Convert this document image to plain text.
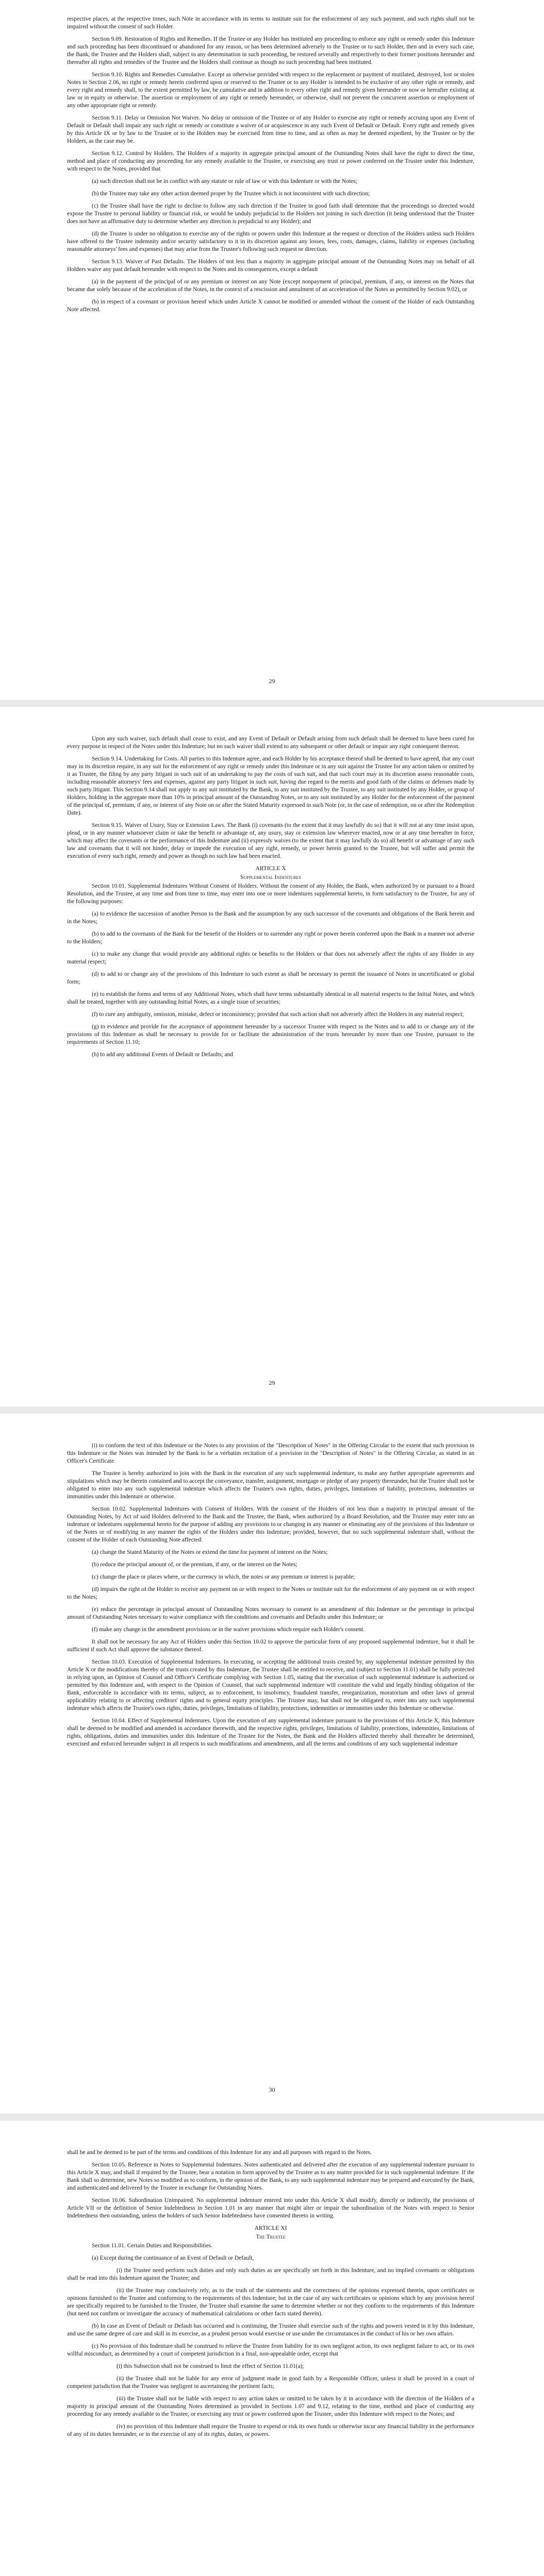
respective places, at the respective times, such Note in accordance with its terms to institute suit for the enforcement of any such payment, and such rights shall not be impaired without the consent of such Holder.

Section 9.09. Restoration of Rights and Remedies. If the Trustee or any Holder has instituted any proceeding to enforce any right or remedy under this Indenture and such proceeding has been discontinued or abandoned for any reason, or has been determined adversely to the Trustee or to such Holder, then and in every such case, the Bank, the Trustee and the Holders shall, subject to any determination in such proceeding, be restored severally and respectively to their former positions hereunder and thereafter all rights and remedies of the Trustee and the Holders shall continue as though no such proceeding had been instituted.

Section 9.10. Rights and Remedies Cumulative. Except as otherwise provided with respect to the replacement or payment of mutilated, destroyed, lost or stolen Notes in Section 2.06, no right or remedy herein conferred upon or reserved to the Trustee or to any Holder is intended to be exclusive of any other right or remedy, and every right and remedy shall, to the extent permitted by law, be cumulative and in addition to every other right and remedy given hereunder or now or hereafter existing at law or in equity or otherwise. The assertion or employment of any right or remedy hereunder, or otherwise, shall not prevent the concurrent assertion or employment of any other appropriate right or remedy.

Section 9.11. Delay or Omission Not Waiver. No delay or omission of the Trustee or of any Holder to exercise any right or remedy accruing upon any Event of Default or Default shall impair any such right or remedy or constitute a waiver of or acquiescence in any such Event of Default or Default. Every right and remedy given by this Article IX or by law to the Trustee or to the Holders may be exercised from time to time, and as often as may be deemed expedient, by the Trustee or by the Holders, as the case may be.

Section 9.12. Control by Holders. The Holders of a majority in aggregate principal amount of the Outstanding Notes shall have the right to direct the time, method and place of conducting any proceeding for any remedy available to the Trustee, or exercising any trust or power conferred on the Trustee under this Indenture, with respect to the Notes, provided that

(a) such direction shall not be in conflict with any statute or rule of law or with this Indenture or with the Notes;

(b) the Trustee may take any other action deemed proper by the Trustee which is not inconsistent with such direction;

(c) the Trustee shall have the right to decline to follow any such direction if the Trustee in good faith shall determine that the proceedings so directed would expose the Trustee to personal liability or financial risk, or would be unduly prejudicial to the Holders not joining in such direction (it being understood that the Trustee does not have an affirmative duty to determine whether any direction is prejudicial to any Holder); and

(d) the Trustee is under no obligation to exercise any of the rights or powers under this Indenture at the request or direction of the Holders unless such Holders have offered to the Trustee indemnity and/or security satisfactory to it in its discretion against any losses, fees, costs, damages, claims, liability or expenses (including reasonable attorneys' fees and expenses) that may arise from the Trustee's following such request or direction.

Section 9.13. Waiver of Past Defaults. The Holders of not less than a majority in aggregate principal amount of the Outstanding Notes may on behalf of all Holders waive any past default hereunder with respect to the Notes and its consequences, except a default

(a) in the payment of the principal of or any premium or interest on any Note (except nonpayment of principal, premium, if any, or interest on the Notes that became due solely because of the acceleration of the Notes, in the context of a rescission and annulment of an acceleration of the Notes as permitted by Section 9.02), or

(b) in respect of a covenant or provision hereof which under Article X cannot be modified or amended without the consent of the Holder of each Outstanding Note affected.

29

Upon any such waiver, such default shall cease to exist, and any Event of Default or Default arising from such default shall be deemed to have been cured for every purpose in respect of the Notes under this Indenture; but no such waiver shall extend to any subsequent or other default or impair any right consequent thereon.

Section 9.14. Undertaking for Costs. All parties to this Indenture agree, and each Holder by his acceptance thereof shall be deemed to have agreed, that any court may in its discretion require, in any suit for the enforcement of any right or remedy under this Indenture or in any suit against the Trustee for any action taken or omitted by it as Trustee, the filing by any party litigant in such suit of an undertaking to pay the costs of such suit, and that such court may in its discretion assess reasonable costs, including reasonable attorneys' fees and expenses, against any party litigant in such suit, having due regard to the merits and good faith of the claims or defenses made by such party litigant. This Section 9.14 shall not apply to any suit instituted by the Bank, to any suit instituted by the Trustee, to any suit instituted by any Holder, or group of Holders, holding in the aggregate more than 10% in principal amount of the Outstanding Notes, or to any suit instituted by any Holder for the enforcement of the payment of the principal of, premium, if any, or interest of any Note on or after the Stated Maturity expressed in such Note (or, in the case of redemption, on or after the Redemption Date).

Section 9.15. Waiver of Usury, Stay or Extension Laws. The Bank (i) covenants (to the extent that it may lawfully do so) that it will not at any time insist upon, plead, or in any manner whatsoever claim or take the benefit or advantage of, any usury, stay or extension law wherever enacted, now or at any time hereafter in force, which may affect the covenants or the performance of this Indenture and (ii) expressly waives (to the extent that it may lawfully do so) all benefit or advantage of any such law and covenants that it will not hinder, delay or impede the execution of any right, remedy, or power herein granted to the Trustee, but will suffer and permit the execution of every such right, remedy and power as though no such law had been enacted.

ARTICLE X

Supplemental Indentures

Section 10.01. Supplemental Indentures Without Consent of Holders. Without the consent of any Holder, the Bank, when authorized by or pursuant to a Board Resolution, and the Trustee, at any time and from time to time, may enter into one or more indentures supplemental hereto, in form satisfactory to the Trustee, for any of the following purposes:

(a) to evidence the succession of another Person to the Bank and the assumption by any such successor of the covenants and obligations of the Bank herein and in the Notes;

(b) to add to the covenants of the Bank for the benefit of the Holders or to surrender any right or power herein conferred upon the Bank in a manner not adverse to the Holders;

(c) to make any change that would provide any additional rights or benefits to the Holders or that does not adversely affect the rights of any Holder in any material respect;

(d) to add to or change any of the provisions of this Indenture to such extent as shall be necessary to permit the issuance of Notes in uncertificated or global form;

(e) to establish the forms and terms of any Additional Notes, which shall have terms substantially identical in all material respects to the Initial Notes, and which shall be treated, together with any outstanding Initial Notes, as a single issue of securities;

(f) to cure any ambiguity, omission, mistake, defect or inconsistency; provided that such action shall not adversely affect the Holders in any material respect;

(g) to evidence and provide for the acceptance of appointment hereunder by a successor Trustee with respect to the Notes and to add to or change any of the provisions of this Indenture as shall be necessary to provide for or facilitate the administration of the trusts hereunder by more than one Trustee, pursuant to the requirements of Section 11.10;

(h) to add any additional Events of Default or Defaults; and

29

(i) to conform the text of this Indenture or the Notes to any provision of the "Description of Notes" in the Offering Circular to the extent that such provision in this Indenture or the Notes was intended by the Bank to be a verbatim recitation of a provision in the "Description of Notes" in the Offering Circular, as stated in an Officer's Certificate.

The Trustee is hereby authorized to join with the Bank in the execution of any such supplemental indenture, to make any further appropriate agreements and stipulations which may be therein contained and to accept the conveyance, transfer, assignment, mortgage or pledge of any property thereunder, but the Trustee shall not be obligated to enter into any such supplemental indenture which affects the Trustee's own rights, duties, privileges, limitations of liability, protections, indemnities or immunities under this Indenture or otherwise.

Section 10.02. Supplemental Indentures with Consent of Holders. With the consent of the Holders of not less than a majority in principal amount of the Outstanding Notes, by Act of said Holders delivered to the Bank and the Trustee, the Bank, when authorized by a Board Resolution, and the Trustee may enter into an indenture or indentures supplemental hereto for the purpose of adding any provisions to or changing in any manner or eliminating any of the provisions of this Indenture or of the Notes or of modifying in any manner the rights of the Holders under this Indenture; provided, however, that no such supplemental indenture shall, without the consent of the Holder of each Outstanding Note affected:

(a) change the Stated Maturity of the Notes or extend the time for payment of interest on the Notes;

(b) reduce the principal amount of, or the premium, if any, or the interest on the Notes;

(c) change the place or places where, or the currency in which, the notes or any premium or interest is payable;

(d) impairs the right of the Holder to receive any payment on or with respect to the Notes or institute suit for the enforcement of any payment on or with respect to the Notes;

(e) reduce the percentage in principal amount of Outstanding Notes necessary to consent to an amendment of this Indenture or the percentage in principal amount of Outstanding Notes necessary to waive compliance with the conditions and covenants and Defaults under this Indenture; or

(f) make any change in the amendment provisions or in the waiver provisions which require each Holder's consent.

It shall not be necessary for any Act of Holders under this Section 10.02 to approve the particular form of any proposed supplemental indenture, but it shall be sufficient if such Act shall approve the substance thereof.

Section 10.03. Execution of Supplemental Indentures. In executing, or accepting the additional trusts created by, any supplemental indenture permitted by this Article X or the modifications thereby of the trusts created by this Indenture, the Trustee shall be entitled to receive, and (subject to Section 11.01) shall be fully protected in relying upon, an Opinion of Counsel and Officer's Certificate complying with Section 1.05, stating that the execution of such supplemental indenture is authorized or permitted by this Indenture and, with respect to the Opinion of Counsel, that such supplemental indenture will constitute the valid and legally binding obligation of the Bank, enforceable in accordance with its terms, subject, as to enforcement, to insolvency, fraudulent transfer, reorganization, moratorium and other laws of general applicability relating to or affecting creditors' rights and to general equity principles. The Trustee may, but shall not be obligated to, enter into any such supplemental indenture which affects the Trustee's own rights, duties, privileges, limitations of liability, protections, indemnities or immunities under this Indenture or otherwise.

Section 10.04. Effect of Supplemental Indentures. Upon the execution of any supplemental indenture pursuant to the provisions of this Article X, this Indenture shall be deemed to be modified and amended in accordance therewith, and the respective rights, privileges, limitations of liability, protections, indemnities, limitations of rights, obligations, duties and immunities under this Indenture of the Trustee for the Notes, the Bank and the Holders affected thereby shall thereafter be determined, exercised and enforced hereunder subject in all respects to such modifications and amendments, and all the terms and conditions of any such supplemental indenture

30

shall be and be deemed to be part of the terms and conditions of this Indenture for any and all purposes with regard to the Notes.

Section 10.05. Reference in Notes to Supplemental Indentures. Notes authenticated and delivered after the execution of any supplemental indenture pursuant to this Article X may, and shall if required by the Trustee, bear a notation in form approved by the Trustee as to any matter provided for in such supplemental indenture. If the Bank shall so determine, new Notes so modified as to conform, in the opinion of the Bank, to any such supplemental indenture may be prepared and executed by the Bank, and authenticated and delivered by the Trustee in exchange for Outstanding Notes.

Section 10.06. Subordination Unimpaired. No supplemental indenture entered into under this Article X shall modify, directly or indirectly, the provisions of Article VII or the definition of Senior Indebtedness in Section 1.01 in any manner that might alter or impair the subordination of the Notes with respect to Senior Indebtedness then outstanding, unless the holders of such Senior Indebtedness have consented thereto in writing.

ARTICLE XI

The Trustee

Section 11.01. Certain Duties and Responsibilities.

(a) Except during the continuance of an Event of Default or Default,

(i) the Trustee need perform such duties and only such duties as are specifically set forth in this Indenture, and no implied covenants or obligations shall be read into this Indenture against the Trustee; and

(ii) the Trustee may conclusively rely, as to the truth of the statements and the correctness of the opinions expressed therein, upon certificates or opinions furnished to the Trustee and conforming to the requirements of this Indenture; but in the case of any such certificates or opinions which by any provision hereof are specifically required to be furnished to the Trustee, the Trustee shall examine the same to determine whether or not they conform to the requirements of this Indenture (but need not confirm or investigate the accuracy of mathematical calculations or other facts stated therein).

(b) In case an Event of Default or Default has occurred and is continuing, the Trustee shall exercise such of the rights and powers vested in it by this Indenture, and use the same degree of care and skill in its exercise, as a prudent person would exercise or use under the circumstances in the conduct of his or her own affairs.

(c) No provision of this Indenture shall be construed to relieve the Trustee from liability for its own negligent action, its own negligent failure to act, or its own willful misconduct, as determined by a court of competent jurisdiction in a final, non-appealable order, except that

(i) this Subsection shall not be construed to limit the effect of Section 11.01(a);

(ii) the Trustee shall not be liable for any error of judgment made in good faith by a Responsible Officer, unless it shall be proved in a court of competent jurisdiction that the Trustee was negligent in ascertaining the pertinent facts;

(iii) the Trustee shall not be liable with respect to any action taken or omitted to be taken by it in accordance with the direction of the Holders of a majority in principal amount of the Outstanding Notes determined as provided in Sections 1.07 and 9.12, relating to the time, method and place of conducting any proceeding for any remedy available to the Trustee, or exercising any trust or power conferred upon the Trustee, under this Indenture with respect to the Notes; and

(iv) no provision of this Indenture shall require the Trustee to expend or risk its own funds or otherwise incur any financial liability in the performance of any of its duties hereunder, or in the exercise of any of its rights, duties, or powers.
